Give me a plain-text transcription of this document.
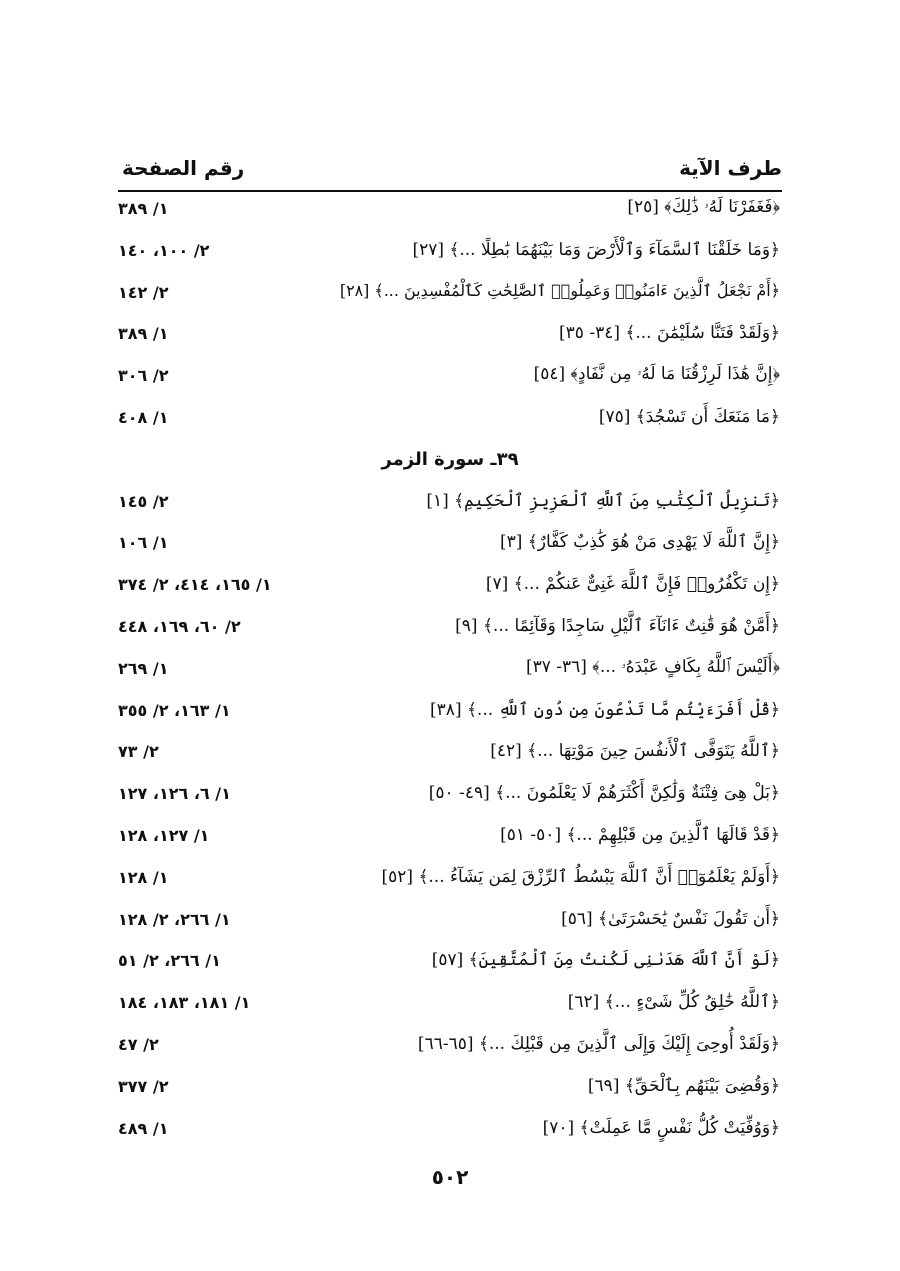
طرف الآية
رقم الصفحة
﴿فَغَفَرْنَا لَهُۥ ذَٰلِكَ﴾ [٢٥]
١/ ٣٨٩
﴿وَمَا خَلَقْنَا ٱلسَّمَآءَ وَٱلْأَرْضَ وَمَا بَيْنَهُمَا بَٰطِلًا ...﴾ [٢٧]
٢/ ١٠٠، ١٤٠
﴿أَمْ نَجْعَلُ ٱلَّذِينَ ءَامَنُوا۟ وَعَمِلُوا۟ ٱلصَّٰلِحَٰتِ كَٱلْمُفْسِدِينَ ...﴾ [٢٨]
٢/ ١٤٢
﴿وَلَقَدْ فَتَنَّا سُلَيْمَٰنَ ...﴾ [٣٤- ٣٥]
١/ ٣٨٩
﴿إِنَّ هَٰذَا لَرِزْقُنَا مَا لَهُۥ مِن نَّفَادٍ﴾ [٥٤]
٢/ ٣٠٦
﴿مَا مَنَعَكَ أَن تَسْجُدَ﴾ [٧٥]
١/ ٤٠٨
٣٩ـ سورة الزمر
﴿تَنزِيلُ ٱلْكِتَٰبِ مِنَ ٱللَّهِ ٱلْعَزِيزِ ٱلْحَكِيمِ﴾ [١]
٢/ ١٤٥
﴿إِنَّ ٱللَّهَ لَا يَهْدِى مَنْ هُوَ كَٰذِبٌ كَفَّارٌ﴾ [٣]
١/ ١٠٦
﴿إِن تَكْفُرُوا۟ فَإِنَّ ٱللَّهَ غَنِىٌّ عَنكُمْ ...﴾ [٧]
١/ ١٦٥، ٤١٤، ٢/ ٣٧٤
﴿أَمَّنْ هُوَ قَٰنِتٌ ءَانَآءَ ٱلَّيْلِ سَاجِدًا وَقَآئِمًا ...﴾ [٩]
٢/ ٦٠، ١٦٩، ٤٤٨
﴿أَلَيْسَ ٱللَّهُ بِكَافٍ عَبْدَهُۥ ...﴾ [٣٦- ٣٧]
١/ ٢٦٩
﴿قُلْ أَفَرَءَيْتُم مَّا تَدْعُونَ مِن دُونِ ٱللَّهِ ...﴾ [٣٨]
١/ ١٦٣، ٢/ ٣٥٥
﴿ٱللَّهُ يَتَوَفَّى ٱلْأَنفُسَ حِينَ مَوْتِهَا ...﴾ [٤٢]
٢/ ٧٣
﴿بَلْ هِىَ فِتْنَةٌ وَلَٰكِنَّ أَكْثَرَهُمْ لَا يَعْلَمُونَ ...﴾ [٤٩- ٥٠]
١/ ٦، ١٢٦، ١٢٧
﴿قَدْ قَالَهَا ٱلَّذِينَ مِن قَبْلِهِمْ ...﴾ [٥٠- ٥١]
١/ ١٢٧، ١٢٨
﴿أَوَلَمْ يَعْلَمُوٓا۟ أَنَّ ٱللَّهَ يَبْسُطُ ٱلرِّزْقَ لِمَن يَشَآءُ ...﴾ [٥٢]
١/ ١٢٨
﴿أَن تَقُولَ نَفْسٌ يَٰحَسْرَتَىٰ﴾ [٥٦]
١/ ٢٦٦، ٢/ ١٢٨
﴿لَوْ أَنَّ ٱللَّهَ هَدَىٰنِى لَكُنتُ مِنَ ٱلْمُتَّقِينَ﴾ [٥٧]
١/ ٢٦٦، ٢/ ٥١
﴿ٱللَّهُ خَٰلِقُ كُلِّ شَىْءٍ ...﴾ [٦٢]
١/ ١٨١، ١٨٣، ١٨٤
﴿وَلَقَدْ أُوحِىَ إِلَيْكَ وَإِلَى ٱلَّذِينَ مِن قَبْلِكَ ...﴾ [٦٥-٦٦]
٢/ ٤٧
﴿وَقُضِىَ بَيْنَهُم بِٱلْحَقِّ﴾ [٦٩]
٢/ ٣٧٧
﴿وَوُفِّيَتْ كُلُّ نَفْسٍ مَّا عَمِلَتْ﴾ [٧٠]
١/ ٤٨٩
٥٠٢
